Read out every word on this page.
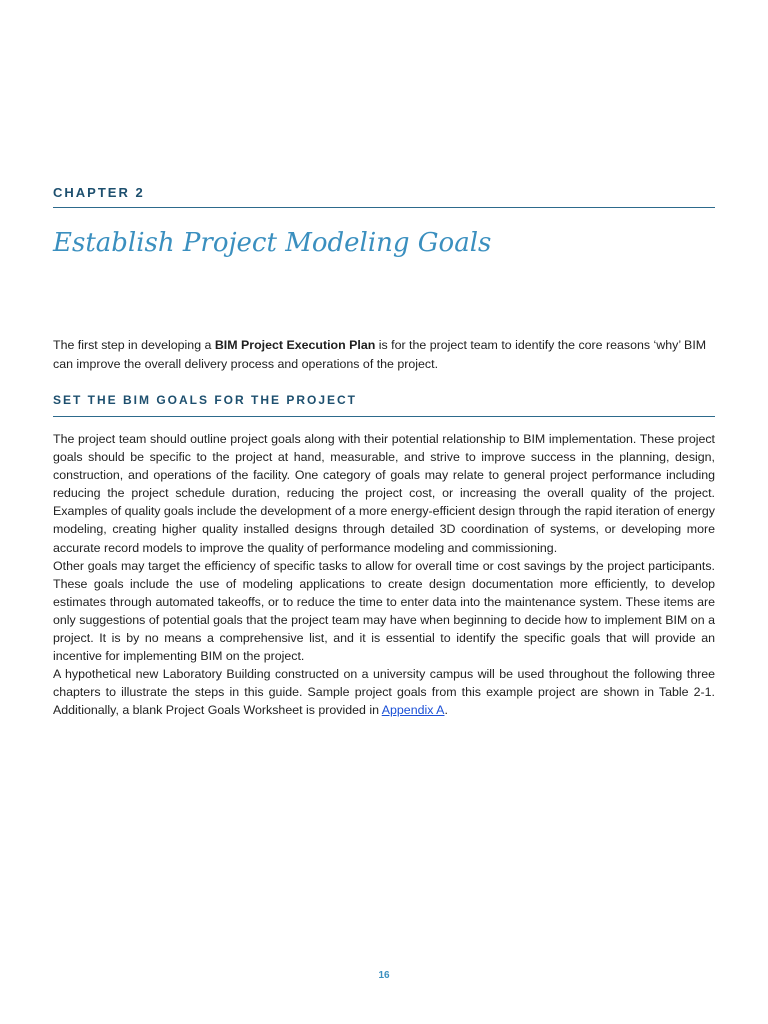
CHAPTER 2
Establish Project Modeling Goals

The first step in developing a BIM Project Execution Plan is for the project team to identify the core reasons ‘why’ BIM can improve the overall delivery process and operations of the project.

SET THE BIM GOALS FOR THE PROJECT

The project team should outline project goals along with their potential relationship to BIM implementation. These project goals should be specific to the project at hand, measurable, and strive to improve success in the planning, design, construction, and operations of the facility. One category of goals may relate to general project performance including reducing the project schedule duration, reducing the project cost, or increasing the overall quality of the project. Examples of quality goals include the development of a more energy-efficient design through the rapid iteration of energy modeling, creating higher quality installed designs through detailed 3D coordination of systems, or developing more accurate record models to improve the quality of performance modeling and commissioning.

Other goals may target the efficiency of specific tasks to allow for overall time or cost savings by the project participants. These goals include the use of modeling applications to create design documentation more efficiently, to develop estimates through automated takeoffs, or to reduce the time to enter data into the maintenance system. These items are only suggestions of potential goals that the project team may have when beginning to decide how to implement BIM on a project. It is by no means a comprehensive list, and it is essential to identify the specific goals that will provide an incentive for implementing BIM on the project.

A hypothetical new Laboratory Building constructed on a university campus will be used throughout the following three chapters to illustrate the steps in this guide. Sample project goals from this example project are shown in Table 2-1. Additionally, a blank Project Goals Worksheet is provided in Appendix A.

16
